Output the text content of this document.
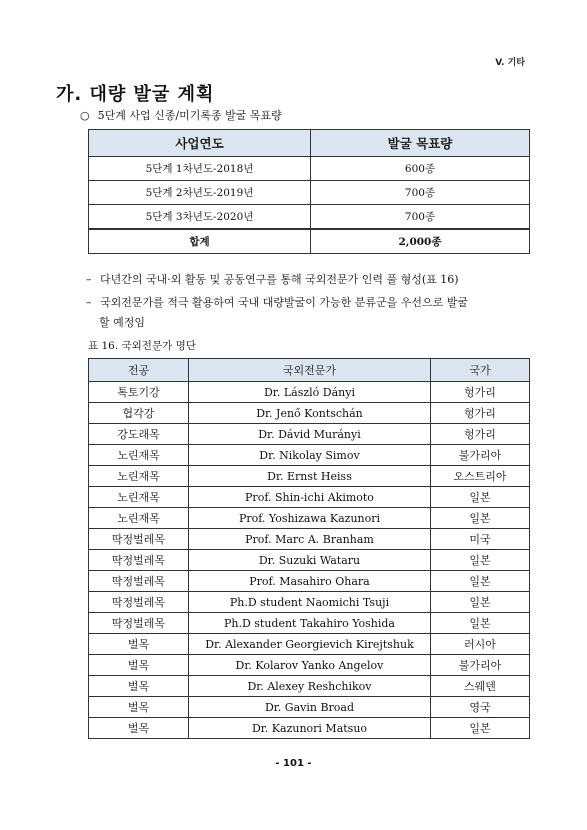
V. 기타
가. 대량 발굴 계획
○ 5단계 사업 신종/미기록종 발굴 목표량
사업연도	발굴 목표량
5단계 1차년도-2018년	600종
5단계 2차년도-2019년	700종
5단계 3차년도-2020년	700종
합계	2,000종
– 다년간의 국내·외 활동 및 공동연구를 통해 국외전문가 인력 풀 형성(표 16)
– 국외전문가를 적극 활용하여 국내 대량발굴이 가능한 분류군을 우선으로 발굴
할 예정임
표 16. 국외전문가 명단
전공	국외전문가	국가
톡토기강	Dr. László Dányi	헝가리
협각강	Dr. Jenő Kontschán	헝가리
강도래목	Dr. Dávid Murányi	헝가리
노린재목	Dr. Nikolay Simov	불가리아
노린재목	Dr. Ernst Heiss	오스트리아
노린재목	Prof. Shin-ichi Akimoto	일본
노린재목	Prof. Yoshizawa Kazunori	일본
딱정벌레목	Prof. Marc A. Branham	미국
딱정벌레목	Dr. Suzuki Wataru	일본
딱정벌레목	Prof. Masahiro Ohara	일본
딱정벌레목	Ph.D student Naomichi Tsuji	일본
딱정벌레목	Ph.D student Takahiro Yoshida	일본
벌목	Dr. Alexander Georgievich Kirejtshuk	러시아
벌목	Dr. Kolarov Yanko Angelov	불가리아
벌목	Dr. Alexey Reshchikov	스웨덴
벌목	Dr. Gavin Broad	영국
벌목	Dr. Kazunori Matsuo	일본
- 101 -
